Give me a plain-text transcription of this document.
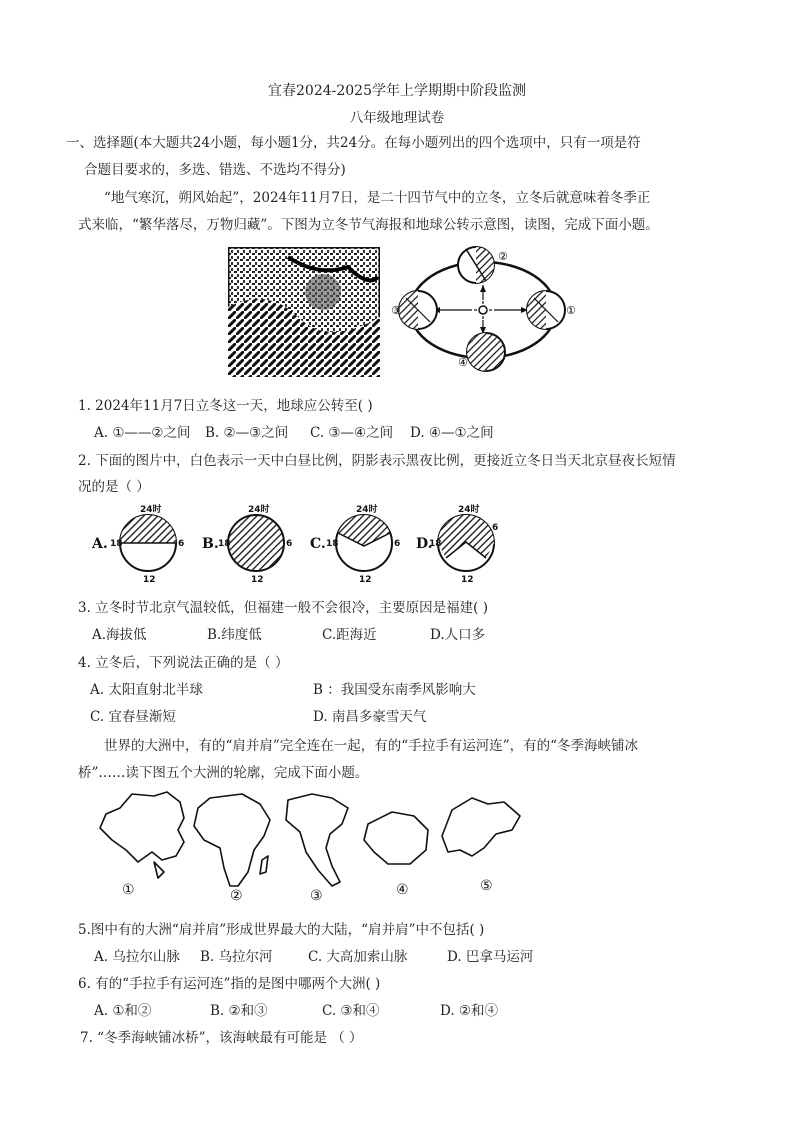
宜春2024-2025学年上学期期中阶段监测
八年级地理试卷
一、选择题(本大题共24小题，每小题1分，共24分。在每小题列出的四个选项中，只有一项是符
合题目要求的，多选、错选、不选均不得分)
“地气寒沉，朔风始起”，2024年11月7日，是二十四节气中的立冬，立冬后就意味着冬季正
式来临，“繁华落尽，万物归藏”。下图为立冬节气海报和地球公转示意图，读图，完成下面小题。
②
③	①
④
1. 2024年11月7日立冬这一天，地球应公转至( )
A. ①——②之间 B. ②—③之间 C. ③—④之间 D. ④—①之间
2. 下面的图片中，白色表示一天中白昼比例，阴影表示黑夜比例，更接近立冬日当天北京昼夜长短情
况的是（ ）
A.
24时
18	6
12
B.
24时
18	6
12
C.
24时
18	6
12
D.
24时
18
6
12
3. 立冬时节北京气温较低，但福建一般不会很冷，主要原因是福建( )
A.海拔低	B.纬度低	C.距海近	D.人口多
4. 立冬后，下列说法正确的是（ ）
A. 太阳直射北半球	B ：我国受东南季风影响大
C. 宜春昼渐短	D. 南昌多豪雪天气
世界的大洲中，有的“肩并肩”完全连在一起，有的“手拉手有运河连”，有的“冬季海峡铺冰
桥”……读下图五个大洲的轮廓，完成下面小题。
①	②	③	④	⑤
5.图中有的大洲“肩并肩”形成世界最大的大陆，“肩并肩”中不包括( )
A. 乌拉尔山脉 B. 乌拉尔河	C. 大高加索山脉	D. 巴拿马运河
6. 有的“手拉手有运河连”指的是图中哪两个大洲( )
A. ①和②	B. ②和③	C. ③和④	D. ②和④
7. “冬季海峡铺冰桥”，该海峡最有可能是 （ ）
